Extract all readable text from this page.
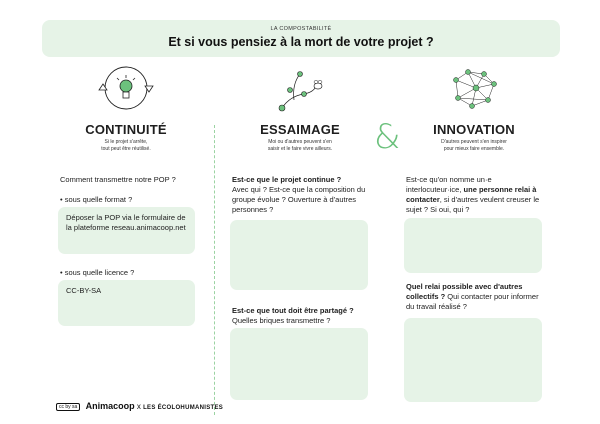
LA COMPOSTABILITÉ
Et si vous pensiez à la mort de votre projet ?
CONTINUITÉ
Si le projet s'arrête,
tout peut être réutilisé.
ESSAIMAGE
Moi ou d'autres peuvent s'en
saisir et le faire vivre ailleurs.
INNOVATION
D'autres peuvent s'en inspirer
pour mieux faire ensemble.
&
Comment transmettre notre POP ?
• sous quelle format ?
Déposer la POP via le formulaire de la plateforme reseau.animacoop.net
• sous quelle licence ?
CC-BY-SA
Est-ce que le projet continue ?
Avec qui ? Est-ce que la composition du groupe évolue ? Ouverture à d'autres personnes ?
Est-ce que tout doit être partagé ?
Quelles briques transmettre ?
Est-ce qu'on nomme un·e interlocuteur·ice, une personne relai à contacter, si d'autres veulent creuser le sujet ? Si oui, qui ?
Quel relai possible avec d'autres collectifs ? Qui contacter pour informer du travail réalisé ?
cc by sa Animacoop x LES ÉCOLOHUMANISTES
